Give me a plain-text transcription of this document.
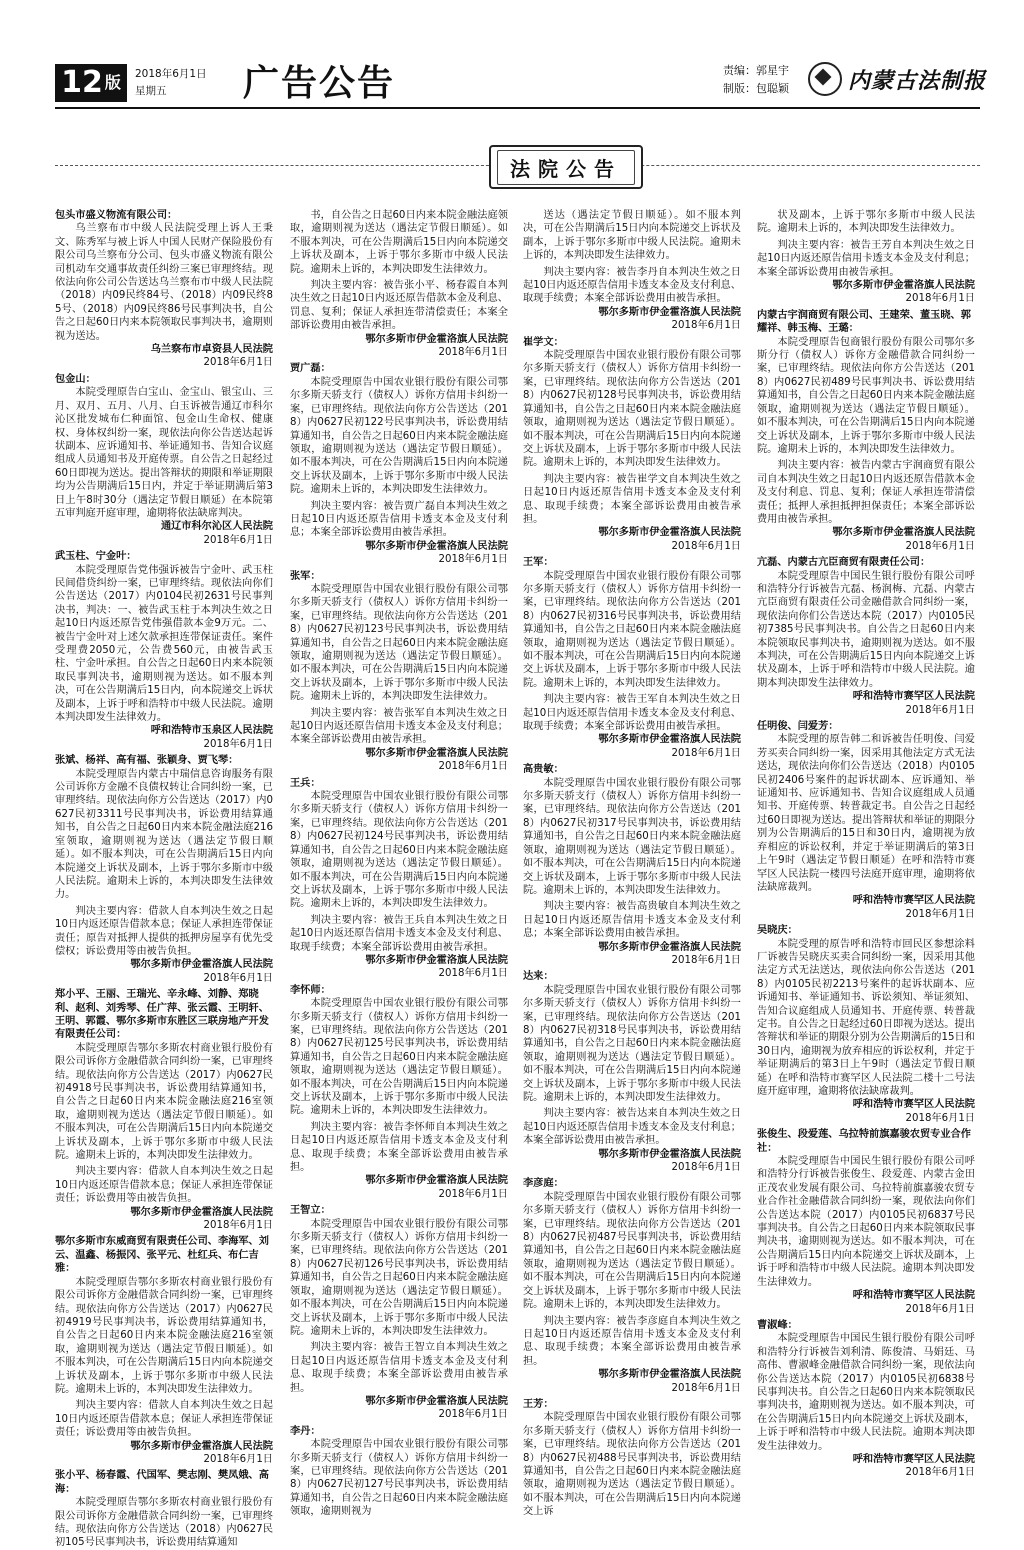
12 版 2018年6月1日
星期五	广告公告	责编：郭星宇
制版：包聪颖	内蒙古法制报
法院公告
包头市盛义物流有限公司：
乌兰察布市中级人民法院受理上诉人王秉文、陈秀军与被上诉人中国人民财产保险股份有限公司乌兰察布分公司、包头市盛义物流有限公司机动车交通事故责任纠纷三案已审理终结。现依法向你公司公告送达乌兰察布市中级人民法院（2018）内09民终84号、（2018）内09民终85号、（2018）内09民终86号民事判决书，自公告之日起60日内来本院领取民事判决书，逾期则视为送达。
乌兰察布市卓资县人民法院
2018年6月1日
包金山：
本院受理原告白宝山、金宝山、银宝山、三月、双月、五月、八月、白玉诉被告通辽市科尔沁区批发城布仁种面馆、包金山生命权、健康权、身体权纠纷一案，现依法向你公告送达起诉状副本、应诉通知书、举证通知书、告知合议庭组成人员通知书及开庭传票。自公告之日起经过60日即视为送达。提出答辩状的期限和举证期限均为公告期满后15日内，并定于举证期满后第3日上午8时30分（遇法定节假日顺延）在本院第五审判庭开庭审理，逾期将依法缺席判决。
通辽市科尔沁区人民法院
2018年6月1日
武玉柱、宁金叶：
本院受理原告党伟强诉被告宁金叶、武玉柱民间借贷纠纷一案，已审理终结。现依法向你们公告送达（2017）内0104民初2631号民事判决书，判决：一、被告武玉柱于本判决生效之日起10日内返还原告党伟强借款本金9万元。二、被告宁金叶对上述欠款承担连带保证责任。案件受理费2050元，公告费560元，由被告武玉柱、宁金叶承担。自公告之日起60日内来本院领取民事判决书，逾期则视为送达。如不服本判决，可在公告期满后15日内，向本院递交上诉状及副本，上诉于呼和浩特市中级人民法院。逾期本判决即发生法律效力。
呼和浩特市玉泉区人民法院
2018年6月1日
张斌、杨祥、高有福、张颖身、贾飞琴：
本院受理原告内蒙古中瑞信息咨询服务有限公司诉你方金融不良债权转让合同纠纷一案，已审理终结。现依法向你方公告送达（2017）内0627民初3311号民事判决书，诉讼费用结算通知书，自公告之日起60日内来本院金融法庭216室领取，逾期则视为送达（遇法定节假日顺延）。如不服本判决，可在公告期满后15日内向本院递交上诉状及副本，上诉于鄂尔多斯市中级人民法院。逾期未上诉的，本判决即发生法律效力。
判决主要内容：借款人自本判决生效之日起10日内返还原告借款本息；保证人承担连带保证责任；原告对抵押人提供的抵押房屋享有优先受偿权；诉讼费用等由被告负担。
鄂尔多斯市伊金霍洛旗人民法院
2018年6月1日
郑小平、王丽、王瑞光、辛永峰、刘静、郑晓利、赵利、刘秀琴、任广萍、张云霞、王明轩、王明、郭霞、鄂尔多斯市东胜区三联房地产开发有限责任公司：
本院受理原告鄂尔多斯农村商业银行股份有限公司诉你方金融借款合同纠纷一案，已审理终结。现依法向你方公告送达（2017）内0627民初4918号民事判决书，诉讼费用结算通知书，自公告之日起60日内来本院金融法庭216室领取，逾期则视为送达（遇法定节假日顺延）。如不服本判决，可在公告期满后15日内向本院递交上诉状及副本，上诉于鄂尔多斯市中级人民法院。逾期未上诉的，本判决即发生法律效力。
判决主要内容：借款人自本判决生效之日起10日内返还原告借款本息；保证人承担连带保证责任；诉讼费用等由被告负担。
鄂尔多斯市伊金霍洛旗人民法院
2018年6月1日
鄂尔多斯市东威商贸有限责任公司、李海军、刘云、温鑫、杨振冈、张平元、杜红兵、布仁吉雅：
本院受理原告鄂尔多斯农村商业银行股份有限公司诉你方金融借款合同纠纷一案，已审理终结。现依法向你方公告送达（2017）内0627民初4919号民事判决书，诉讼费用结算通知书，自公告之日起60日内来本院金融法庭216室领取，逾期则视为送达（遇法定节假日顺延）。如不服本判决，可在公告期满后15日内向本院递交上诉状及副本，上诉于鄂尔多斯市中级人民法院。逾期未上诉的，本判决即发生法律效力。
判决主要内容：借款人自本判决生效之日起10日内返还原告借款本息；保证人承担连带保证责任；诉讼费用等由被告负担。
鄂尔多斯市伊金霍洛旗人民法院
2018年6月1日
张小平、杨春霞、代国军、樊志刚、樊凤娥、高海：
本院受理原告鄂尔多斯农村商业银行股份有限公司诉你方金融借款合同纠纷一案，已审理终结。现依法向你方公告送达（2018）内0627民初105号民事判决书，诉讼费用结算通知
书，自公告之日起60日内来本院金融法庭领取，逾期则视为送达（遇法定节假日顺延）。如不服本判决，可在公告期满后15日内向本院递交上诉状及副本，上诉于鄂尔多斯市中级人民法院。逾期未上诉的，本判决即发生法律效力。
判决主要内容：被告张小平、杨春霞自本判决生效之日起10日内返还原告借款本金及利息、罚息、复利；保证人承担连带清偿责任；本案全部诉讼费用由被告承担。
鄂尔多斯市伊金霍洛旗人民法院
2018年6月1日
贾广磊：
本院受理原告中国农业银行股份有限公司鄂尔多斯天骄支行（债权人）诉你方信用卡纠纷一案，已审理终结。现依法向你方公告送达（2018）内0627民初122号民事判决书，诉讼费用结算通知书，自公告之日起60日内来本院金融法庭领取，逾期则视为送达（遇法定节假日顺延）。如不服本判决，可在公告期满后15日内向本院递交上诉状及副本，上诉于鄂尔多斯市中级人民法院。逾期未上诉的，本判决即发生法律效力。
判决主要内容：被告贾广磊自本判决生效之日起10日内返还原告信用卡透支本金及支付利息；本案全部诉讼费用由被告承担。
鄂尔多斯市伊金霍洛旗人民法院
2018年6月1日
张军：
本院受理原告中国农业银行股份有限公司鄂尔多斯天骄支行（债权人）诉你方信用卡纠纷一案，已审理终结。现依法向你方公告送达（2018）内0627民初123号民事判决书，诉讼费用结算通知书，自公告之日起60日内来本院金融法庭领取，逾期则视为送达（遇法定节假日顺延）。如不服本判决，可在公告期满后15日内向本院递交上诉状及副本，上诉于鄂尔多斯市中级人民法院。逾期未上诉的，本判决即发生法律效力。
判决主要内容：被告张军自本判决生效之日起10日内返还原告信用卡透支本金及支付利息；本案全部诉讼费用由被告承担。
鄂尔多斯市伊金霍洛旗人民法院
2018年6月1日
王兵：
本院受理原告中国农业银行股份有限公司鄂尔多斯天骄支行（债权人）诉你方信用卡纠纷一案，已审理终结。现依法向你方公告送达（2018）内0627民初124号民事判决书，诉讼费用结算通知书，自公告之日起60日内来本院金融法庭领取，逾期则视为送达（遇法定节假日顺延）。如不服本判决，可在公告期满后15日内向本院递交上诉状及副本，上诉于鄂尔多斯市中级人民法院。逾期未上诉的，本判决即发生法律效力。
判决主要内容：被告王兵自本判决生效之日起10日内返还原告信用卡透支本金及支付利息、取现手续费；本案全部诉讼费用由被告承担。
鄂尔多斯市伊金霍洛旗人民法院
2018年6月1日
李怀师：
本院受理原告中国农业银行股份有限公司鄂尔多斯天骄支行（债权人）诉你方信用卡纠纷一案，已审理终结。现依法向你方公告送达（2018）内0627民初125号民事判决书，诉讼费用结算通知书，自公告之日起60日内来本院金融法庭领取，逾期则视为送达（遇法定节假日顺延）。如不服本判决，可在公告期满后15日内向本院递交上诉状及副本，上诉于鄂尔多斯市中级人民法院。逾期未上诉的，本判决即发生法律效力。
判决主要内容：被告李怀师自本判决生效之日起10日内返还原告信用卡透支本金及支付利息、取现手续费；本案全部诉讼费用由被告承担。
鄂尔多斯市伊金霍洛旗人民法院
2018年6月1日
王智立：
本院受理原告中国农业银行股份有限公司鄂尔多斯天骄支行（债权人）诉你方信用卡纠纷一案，已审理终结。现依法向你方公告送达（2018）内0627民初126号民事判决书，诉讼费用结算通知书，自公告之日起60日内来本院金融法庭领取，逾期则视为送达（遇法定节假日顺延）。如不服本判决，可在公告期满后15日内向本院递交上诉状及副本，上诉于鄂尔多斯市中级人民法院。逾期未上诉的，本判决即发生法律效力。
判决主要内容：被告王智立自本判决生效之日起10日内返还原告信用卡透支本金及支付利息、取现手续费；本案全部诉讼费用由被告承担。
鄂尔多斯市伊金霍洛旗人民法院
2018年6月1日
李丹：
本院受理原告中国农业银行股份有限公司鄂尔多斯天骄支行（债权人）诉你方信用卡纠纷一案，已审理终结。现依法向你方公告送达（2018）内0627民初127号民事判决书，诉讼费用结算通知书，自公告之日起60日内来本院金融法庭领取，逾期则视为
送达（遇法定节假日顺延）。如不服本判决，可在公告期满后15日内向本院递交上诉状及副本，上诉于鄂尔多斯市中级人民法院。逾期未上诉的，本判决即发生法律效力。
判决主要内容：被告李丹自本判决生效之日起10日内返还原告信用卡透支本金及支付利息、取现手续费；本案全部诉讼费用由被告承担。
鄂尔多斯市伊金霍洛旗人民法院
2018年6月1日
崔学文：
本院受理原告中国农业银行股份有限公司鄂尔多斯天骄支行（债权人）诉你方信用卡纠纷一案，已审理终结。现依法向你方公告送达（2018）内0627民初128号民事判决书，诉讼费用结算通知书，自公告之日起60日内来本院金融法庭领取，逾期则视为送达（遇法定节假日顺延）。如不服本判决，可在公告期满后15日内向本院递交上诉状及副本，上诉于鄂尔多斯市中级人民法院。逾期未上诉的，本判决即发生法律效力。
判决主要内容：被告崔学文自本判决生效之日起10日内返还原告信用卡透支本金及支付利息、取现手续费；本案全部诉讼费用由被告承担。
鄂尔多斯市伊金霍洛旗人民法院
2018年6月1日
王军：
本院受理原告中国农业银行股份有限公司鄂尔多斯天骄支行（债权人）诉你方信用卡纠纷一案，已审理终结。现依法向你方公告送达（2018）内0627民初316号民事判决书，诉讼费用结算通知书，自公告之日起60日内来本院金融法庭领取，逾期则视为送达（遇法定节假日顺延）。如不服本判决，可在公告期满后15日内向本院递交上诉状及副本，上诉于鄂尔多斯市中级人民法院。逾期未上诉的，本判决即发生法律效力。
判决主要内容：被告王军自本判决生效之日起10日内返还原告信用卡透支本金及支付利息、取现手续费；本案全部诉讼费用由被告承担。
鄂尔多斯市伊金霍洛旗人民法院
2018年6月1日
高贵敏：
本院受理原告中国农业银行股份有限公司鄂尔多斯天骄支行（债权人）诉你方信用卡纠纷一案，已审理终结。现依法向你方公告送达（2018）内0627民初317号民事判决书，诉讼费用结算通知书，自公告之日起60日内来本院金融法庭领取，逾期则视为送达（遇法定节假日顺延）。如不服本判决，可在公告期满后15日内向本院递交上诉状及副本，上诉于鄂尔多斯市中级人民法院。逾期未上诉的，本判决即发生法律效力。
判决主要内容：被告高贵敏自本判决生效之日起10日内返还原告信用卡透支本金及支付利息；本案全部诉讼费用由被告承担。
鄂尔多斯市伊金霍洛旗人民法院
2018年6月1日
达来：
本院受理原告中国农业银行股份有限公司鄂尔多斯天骄支行（债权人）诉你方信用卡纠纷一案，已审理终结。现依法向你方公告送达（2018）内0627民初318号民事判决书，诉讼费用结算通知书，自公告之日起60日内来本院金融法庭领取，逾期则视为送达（遇法定节假日顺延）。如不服本判决，可在公告期满后15日内向本院递交上诉状及副本，上诉于鄂尔多斯市中级人民法院。逾期未上诉的，本判决即发生法律效力。
判决主要内容：被告达来自本判决生效之日起10日内返还原告信用卡透支本金及支付利息；本案全部诉讼费用由被告承担。
鄂尔多斯市伊金霍洛旗人民法院
2018年6月1日
李彦庭：
本院受理原告中国农业银行股份有限公司鄂尔多斯天骄支行（债权人）诉你方信用卡纠纷一案，已审理终结。现依法向你方公告送达（2018）内0627民初487号民事判决书，诉讼费用结算通知书，自公告之日起60日内来本院金融法庭领取，逾期则视为送达（遇法定节假日顺延）。如不服本判决，可在公告期满后15日内向本院递交上诉状及副本，上诉于鄂尔多斯市中级人民法院。逾期未上诉的，本判决即发生法律效力。
判决主要内容：被告李彦庭自本判决生效之日起10日内返还原告信用卡透支本金及支付利息、取现手续费；本案全部诉讼费用由被告承担。
鄂尔多斯市伊金霍洛旗人民法院
2018年6月1日
王芳：
本院受理原告中国农业银行股份有限公司鄂尔多斯天骄支行（债权人）诉你方信用卡纠纷一案，已审理终结。现依法向你方公告送达（2018）内0627民初488号民事判决书，诉讼费用结算通知书，自公告之日起60日内来本院金融法庭领取，逾期则视为送达（遇法定节假日顺延）。如不服本判决，可在公告期满后15日内向本院递交上诉
状及副本，上诉于鄂尔多斯市中级人民法院。逾期未上诉的，本判决即发生法律效力。
判决主要内容：被告王芳自本判决生效之日起10日内返还原告信用卡透支本金及支付利息；本案全部诉讼费用由被告承担。
鄂尔多斯市伊金霍洛旗人民法院
2018年6月1日
内蒙古宇润商贸有限公司、王建荣、董玉晓、郭耀祥、韩玉梅、王璐：
本院受理原告包商银行股份有限公司鄂尔多斯分行（债权人）诉你方金融借款合同纠纷一案，已审理终结。现依法向你方公告送达（2018）内0627民初489号民事判决书、诉讼费用结算通知书，自公告之日起60日内来本院金融法庭领取，逾期则视为送达（遇法定节假日顺延）。如不服本判决，可在公告期满后15日内向本院递交上诉状及副本，上诉于鄂尔多斯市中级人民法院。逾期未上诉的，本判决即发生法律效力。
判决主要内容：被告内蒙古宇润商贸有限公司自本判决生效之日起10日内返还原告借款本金及支付利息、罚息、复利；保证人承担连带清偿责任；抵押人承担抵押担保责任；本案全部诉讼费用由被告承担。
鄂尔多斯市伊金霍洛旗人民法院
2018年6月1日
亢磊、内蒙古亢臣商贸有限责任公司：
本院受理原告中国民生银行股份有限公司呼和浩特分行诉被告亢磊、杨润梅、亢磊、内蒙古亢臣商贸有限责任公司金融借款合同纠纷一案，现依法向你们公告送达本院（2017）内0105民初7385号民事判决书。自公告之日起60日内来本院领取民事判决书，逾期则视为送达。如不服本判决，可在公告期满后15日内向本院递交上诉状及副本，上诉于呼和浩特市中级人民法院。逾期本判决即发生法律效力。
呼和浩特市赛罕区人民法院
2018年6月1日
任明俊、闫爱芳：
本院受理的原告韩二和诉被告任明俊、闫爱芳买卖合同纠纷一案，因采用其他法定方式无法送达，现依法向你们公告送达（2018）内0105民初2406号案件的起诉状副本、应诉通知、举证通知书、应诉通知书、告知合议庭组成人员通知书、开庭传票、转普裁定书。自公告之日起经过60日即视为送达。提出答辩状和举证的期限分别为公告期满后的15日和30日内，逾期视为放弃相应的诉讼权利，并定于举证期满后的第3日上午9时（遇法定节假日顺延）在呼和浩特市赛罕区人民法院一楼四号法庭开庭审理，逾期将依法缺席裁判。
呼和浩特市赛罕区人民法院
2018年6月1日
吴晓庆：
本院受理的原告呼和浩特市回民区参想涂料厂诉被告吴晓庆买卖合同纠纷一案，因采用其他法定方式无法送达，现依法向你公告送达（2018）内0105民初2213号案件的起诉状副本、应诉通知书、举证通知书、诉讼须知、举证须知、告知合议庭组成人员通知书、开庭传票、转普裁定书。自公告之日起经过60日即视为送达。提出答辩状和举证的期限分别为公告期满后的15日和30日内，逾期视为放弃相应的诉讼权利，并定于举证期满后的第3日上午9时（遇法定节假日顺延）在呼和浩特市赛罕区人民法院二楼十二号法庭开庭审理，逾期将依法缺席裁判。
呼和浩特市赛罕区人民法院
2018年6月1日
张俊生、段爱莲、乌拉特前旗嘉骏农贸专业合作社：
本院受理原告中国民生银行股份有限公司呼和浩特分行诉被告张俊生、段爱莲、内蒙古金田正茂农业发展有限公司、乌拉特前旗嘉骏农贸专业合作社金融借款合同纠纷一案，现依法向你们公告送达本院（2017）内0105民初6837号民事判决书。自公告之日起60日内来本院领取民事判决书，逾期则视为送达。如不服本判决，可在公告期满后15日内向本院递交上诉状及副本，上诉于呼和浩特市中级人民法院。逾期本判决即发生法律效力。
呼和浩特市赛罕区人民法院
2018年6月1日
曹淑峰：
本院受理原告中国民生银行股份有限公司呼和浩特分行诉被告刘利清、陈俊清、马娟廷、马高伟、曹淑峰金融借款合同纠纷一案，现依法向你公告送达本院（2017）内0105民初6838号民事判决书。自公告之日起60日内来本院领取民事判决书，逾期则视为送达。如不服本判决，可在公告期满后15日内向本院递交上诉状及副本，上诉于呼和浩特市中级人民法院。逾期本判决即发生法律效力。
呼和浩特市赛罕区人民法院
2018年6月1日
